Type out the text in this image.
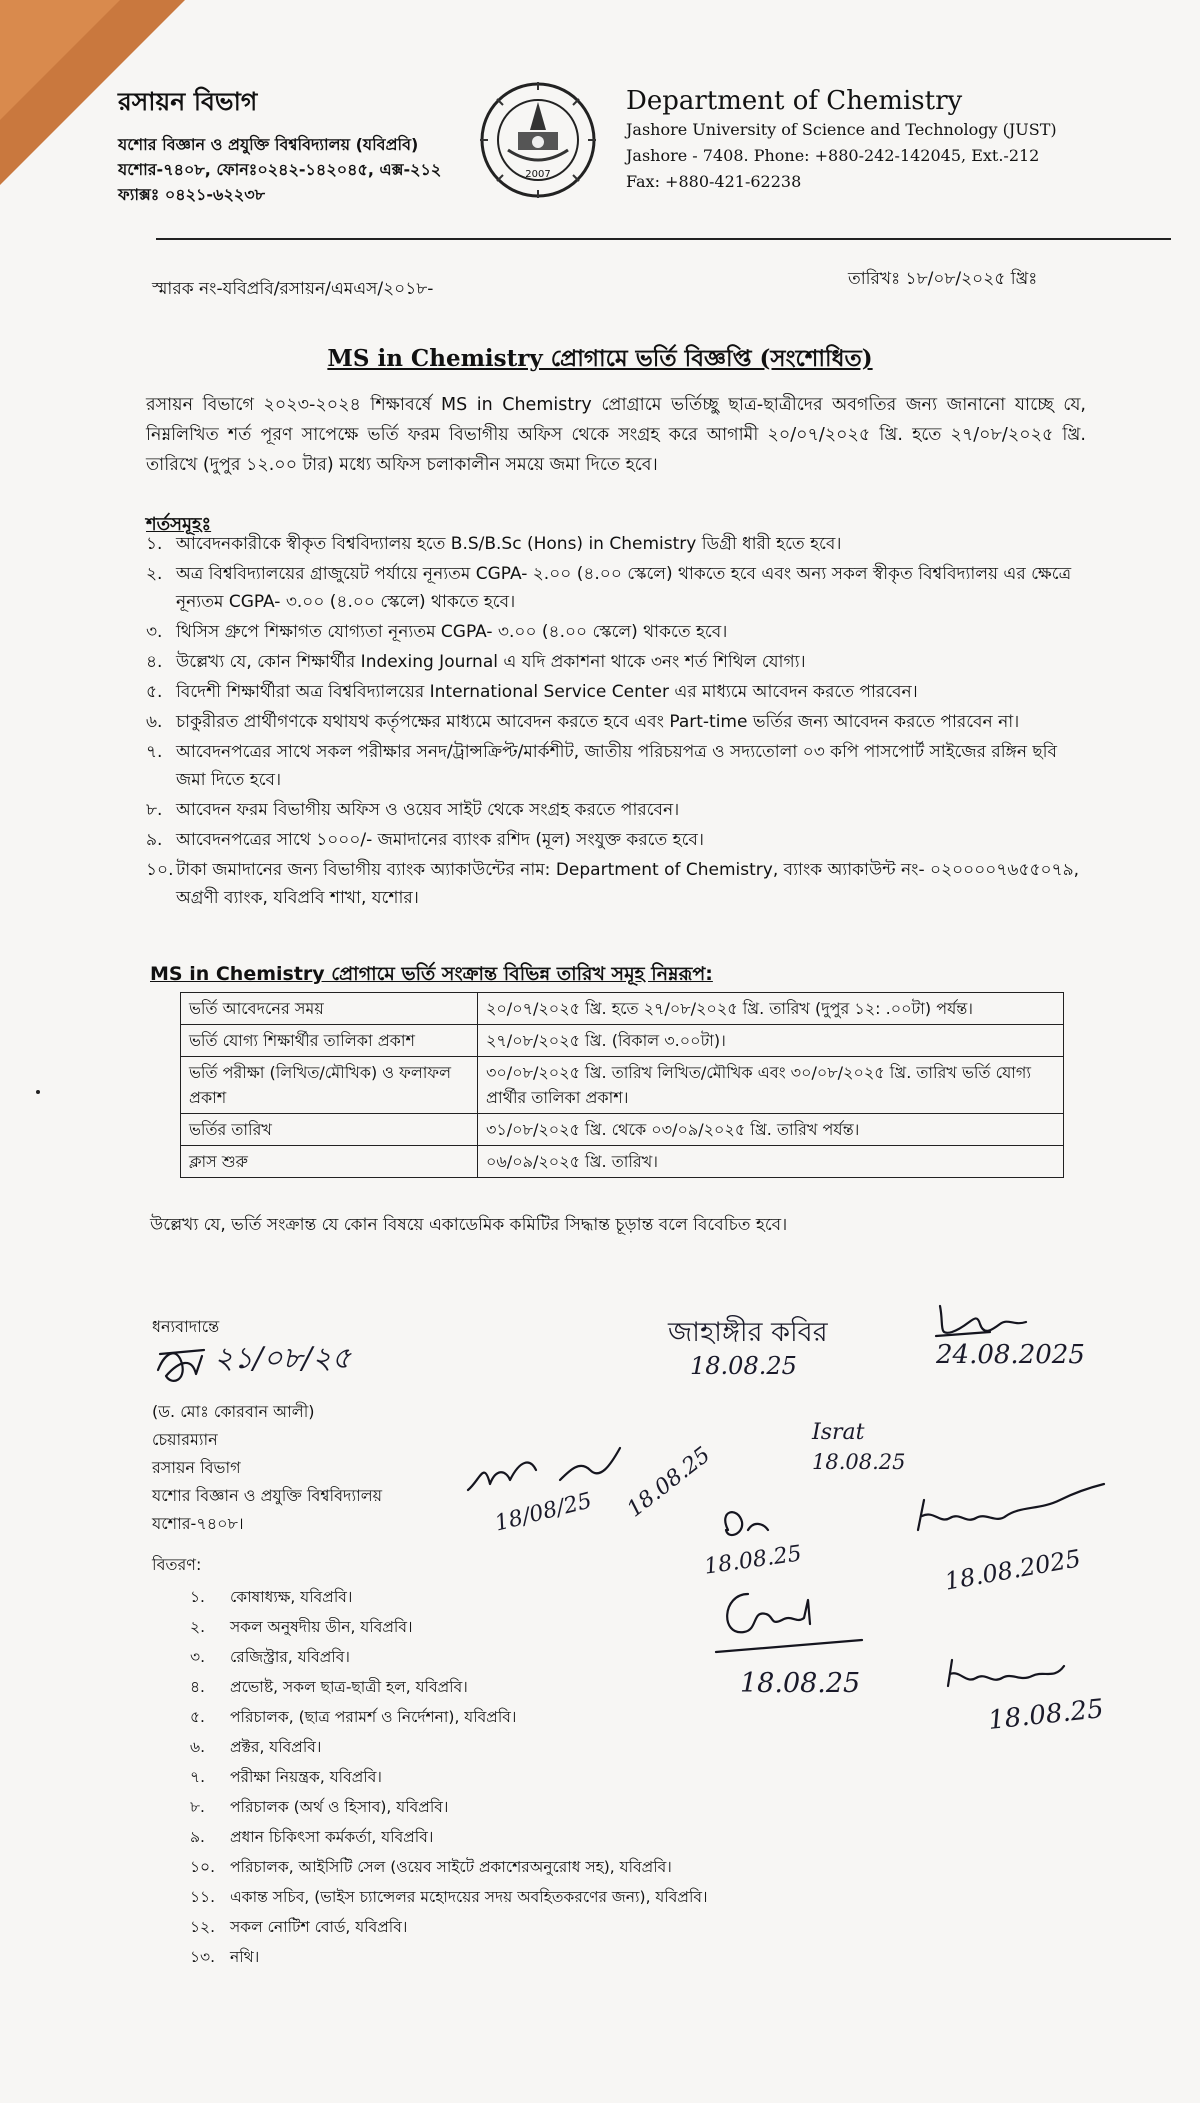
রসায়ন বিভাগ
যশোর বিজ্ঞান ও প্রযুক্তি বিশ্ববিদ্যালয় (যবিপ্রবি)
যশোর-৭৪০৮, ফোনঃ০২৪২-১৪২০৪৫, এক্স-২১২
ফ্যাক্সঃ ০৪২১-৬২২৩৮
2007
Department of Chemistry
Jashore University of Science and Technology (JUST)
Jashore - 7408. Phone: +880-242-142045, Ext.-212
Fax: +880-421-62238
তারিখঃ ১৮/০৮/২০২৫ খ্রিঃ
স্মারক নং-যবিপ্রবি/রসায়ন/এমএস/২০১৮-
MS in Chemistry প্রোগামে ভর্তি বিজ্ঞপ্তি (সংশোধিত)
রসায়ন বিভাগে ২০২৩-২০২৪ শিক্ষাবর্ষে MS in Chemistry প্রোগ্রামে ভর্তিচ্ছু ছাত্র-ছাত্রীদের অবগতির জন্য জানানো যাচ্ছে যে, নিম্নলিখিত শর্ত পূরণ সাপেক্ষে ভর্তি ফরম বিভাগীয় অফিস থেকে সংগ্রহ করে আগামী ২০/০৭/২০২৫ খ্রি. হতে ২৭/০৮/২০২৫ খ্রি. তারিখে (দুপুর ১২.০০ টার) মধ্যে অফিস চলাকালীন সময়ে জমা দিতে হবে।
শর্তসমূহঃ
১. আবেদনকারীকে স্বীকৃত বিশ্ববিদ্যালয় হতে B.S/B.Sc (Hons) in Chemistry ডিগ্রী ধারী হতে হবে।
২. অত্র বিশ্ববিদ্যালয়ের গ্রাজুয়েট পর্যায়ে নূন্যতম CGPA- ২.০০ (৪.০০ স্কেলে) থাকতে হবে এবং অন্য সকল স্বীকৃত বিশ্ববিদ্যালয় এর ক্ষেত্রে নূন্যতম CGPA- ৩.০০ (৪.০০ স্কেলে) থাকতে হবে।
৩. থিসিস গ্রুপে শিক্ষাগত যোগ্যতা নূন্যতম CGPA- ৩.০০ (৪.০০ স্কেলে) থাকতে হবে।
৪. উল্লেখ্য যে, কোন শিক্ষার্থীর Indexing Journal এ যদি প্রকাশনা থাকে ৩নং শর্ত শিথিল যোগ্য।
৫. বিদেশী শিক্ষার্থীরা অত্র বিশ্ববিদ্যালয়ের International Service Center এর মাধ্যমে আবেদন করতে পারবেন।
৬. চাকুরীরত প্রার্থীগণকে যথাযথ কর্তৃপক্ষের মাধ্যমে আবেদন করতে হবে এবং Part-time ভর্তির জন্য আবেদন করতে পারবেন না।
৭. আবেদনপত্রের সাথে সকল পরীক্ষার সনদ/ট্রান্সক্রিপ্ট/মার্কশীট, জাতীয় পরিচয়পত্র ও সদ্যতোলা ০৩ কপি পাসপোর্ট সাইজের রঙ্গিন ছবি জমা দিতে হবে।
৮. আবেদন ফরম বিভাগীয় অফিস ও ওয়েব সাইট থেকে সংগ্রহ করতে পারবেন।
৯. আবেদনপত্রের সাথে ১০০০/- জমাদানের ব্যাংক রশিদ (মূল) সংযুক্ত করতে হবে।
১০. টাকা জমাদানের জন্য বিভাগীয় ব্যাংক অ্যাকাউন্টের নাম: Department of Chemistry, ব্যাংক অ্যাকাউন্ট নং- ০২০০০০৭৬৫৫০৭৯, অগ্রণী ব্যাংক, যবিপ্রবি শাখা, যশোর।
MS in Chemistry প্রোগামে ভর্তি সংক্রান্ত বিভিন্ন তারিখ সমূহ নিম্নরূপ:
ভর্তি আবেদনের সময়	২০/০৭/২০২৫ খ্রি. হতে ২৭/০৮/২০২৫ খ্রি. তারিখ (দুপুর ১২: .০০টা) পর্যন্ত।
ভর্তি যোগ্য শিক্ষার্থীর তালিকা প্রকাশ	২৭/০৮/২০২৫ খ্রি. (বিকাল ৩.০০টা)।
ভর্তি পরীক্ষা (লিখিত/মৌখিক) ও ফলাফল প্রকাশ	৩০/০৮/২০২৫ খ্রি. তারিখ লিখিত/মৌখিক এবং ৩০/০৮/২০২৫ খ্রি. তারিখ ভর্তি যোগ্য প্রার্থীর তালিকা প্রকাশ।
ভর্তির তারিখ	৩১/০৮/২০২৫ খ্রি. থেকে ০৩/০৯/২০২৫ খ্রি. তারিখ পর্যন্ত।
ক্লাস শুরু	০৬/০৯/২০২৫ খ্রি. তারিখ।
উল্লেখ্য যে, ভর্তি সংক্রান্ত যে কোন বিষয়ে একাডেমিক কমিটির সিদ্ধান্ত চূড়ান্ত বলে বিবেচিত হবে।
ধন্যবাদান্তে
২১/০৮/২৫
(ড. মোঃ কোরবান আলী)
চেয়ারম্যান
রসায়ন বিভাগ
যশোর বিজ্ঞান ও প্রযুক্তি বিশ্ববিদ্যালয়
যশোর-৭৪০৮।
বিতরণ:
১.	কোষাধ্যক্ষ, যবিপ্রবি।
২.	সকল অনুষদীয় ডীন, যবিপ্রবি।
৩.	রেজিস্ট্রার, যবিপ্রবি।
৪.	প্রভোষ্ট, সকল ছাত্র-ছাত্রী হল, যবিপ্রবি।
৫.	পরিচালক, (ছাত্র পরামর্শ ও নির্দেশনা), যবিপ্রবি।
৬.	প্রক্টর, যবিপ্রবি।
৭.	পরীক্ষা নিয়ন্ত্রক, যবিপ্রবি।
৮.	পরিচালক (অর্থ ও হিসাব), যবিপ্রবি।
৯.	প্রধান চিকিৎসা কর্মকর্তা, যবিপ্রবি।
১০. পরিচালক, আইসিটি সেল (ওয়েব সাইটে প্রকাশেরঅনুরোধ সহ), যবিপ্রবি।
১১. একান্ত সচিব, (ভাইস চ্যান্সেলর মহোদয়ের সদয় অবহিতকরণের জন্য), যবিপ্রবি।
১২. সকল নোটিশ বোর্ড, যবিপ্রবি।
১৩. নথি।
জাহাঙ্গীর কবির
18.08.25	24.08.2025
18/08/25 18.08.25
Israt
18.08.25
18.08.25	18.08.2025
18.08.25
18.08.25
